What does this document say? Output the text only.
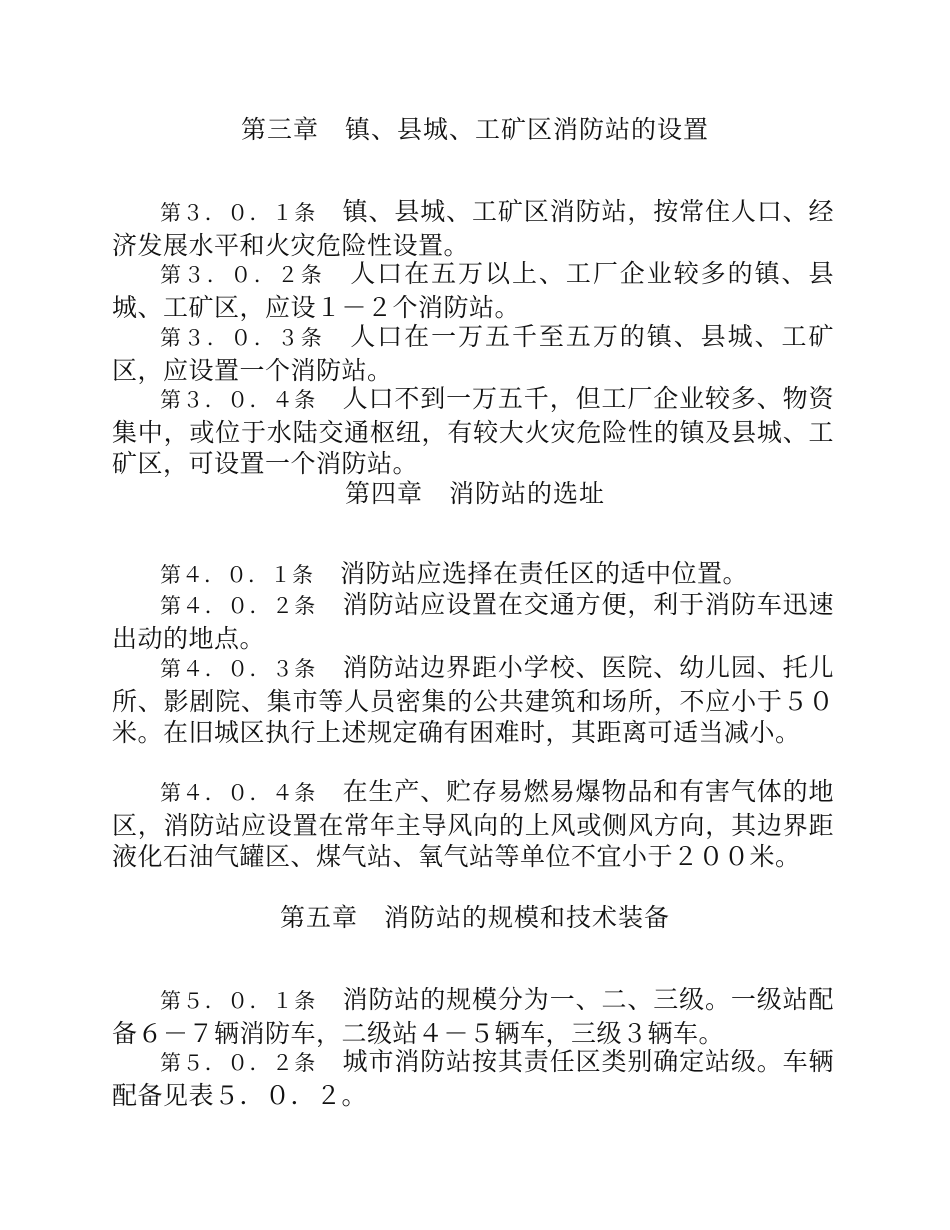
第三章　镇、县城、工矿区消防站的设置

第３．０．１条 镇、县城、工矿区消防站，按常住人口、经济发展水平和火灾危险性设置。

第３．０．２条 人口在五万以上、工厂企业较多的镇、县城、工矿区，应设１－２个消防站。

第３．０．３条 人口在一万五千至五万的镇、县城、工矿区，应设置一个消防站。

第３．０．４条 人口不到一万五千，但工厂企业较多、物资集中，或位于水陆交通枢纽，有较大火灾危险性的镇及县城、工矿区，可设置一个消防站。

第四章　消防站的选址

第４．０．１条 消防站应选择在责任区的适中位置。

第４．０．２条 消防站应设置在交通方便，利于消防车迅速出动的地点。

第４．０．３条 消防站边界距小学校、医院、幼儿园、托儿所、影剧院、集市等人员密集的公共建筑和场所，不应小于５０米。在旧城区执行上述规定确有困难时，其距离可适当减小。

第４．０．４条 在生产、贮存易燃易爆物品和有害气体的地区，消防站应设置在常年主导风向的上风或侧风方向，其边界距液化石油气罐区、煤气站、氧气站等单位不宜小于２００米。

第五章　消防站的规模和技术装备

第５．０．１条 消防站的规模分为一、二、三级。一级站配备６－７辆消防车，二级站４－５辆车，三级３辆车。

第５．０．２条 城市消防站按其责任区类别确定站级。车辆配备见表５．０．２。
